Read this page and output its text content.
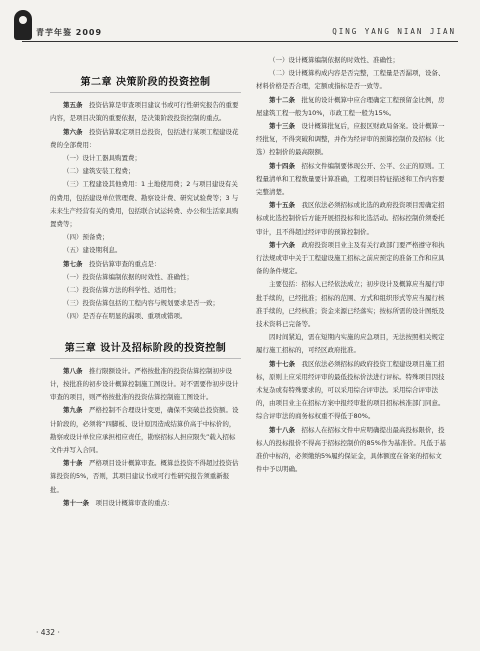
青芋年鉴 2009	QING YANG NIAN JIAN
第二章 决策阶段的投资控制

第五条　 投资估算是审查项目建议书或可行性研究报告的重要内容，是项目决策的重要依据，是决策阶段投资控制的重点。

第六条　 投资估算取定项目总投资，包括进行某项工程建设花费的全部费用：

（一）设计工器具购置费；

（二）建筑安装工程费；

（三）工程建设其他费用：1 土地使用费；2 与项目建设有关的费用，包括建设单位管理费、勘察设计费、研究试验费等；3 与未来生产经营有关的费用，包括联合试运转费、办公和生活家具购置费等；

（四）预备费；

（五）建设期利息。

第七条　 投资估算审查的重点是：

（一）投资估算编制依据的时效性、准确性；

（二）投资估算方法的科学性、适用性；

（三）投资估算包括的工程内容与规划要求是否一致；

（四）是否存在明显的漏项、重项或错项。

第三章 设计及招标阶段的投资控制

第八条　 推行限额设计。严格按批准的投资估算控制初步设计，按批准的初步设计概算控制施工图设计。对不需要作初步设计审查的项目，则严格按批准的投资估算控制施工图设计。

第九条　 严格控制不合理设计变更，确保不突破总投资额。设计阶段的，必须将“四脚板、设计原因造成结算价高于中标价的，勘察或设计单位应承担相应责任，勘察招标人担应限失”载入招标文件并写入合同。

第十条　 严格项目设计概算审查。概算总投资不得超过投资估算投资的5%，否则，其项目建议书或可行性研究报告须重新报批。

第十一条　 项目设计概算审查的重点：

（一）设计概算编制依据的时效性、准确性；

（二）设计概算构成内容是否完整，工程量是否漏项，设备、材料价格是否合理，定额或指标是否一致等。

第十二条　 批复的设计概算中应合理确定工程预留金比例，房屋建筑工程一般为10%，市政工程一般为15%。

第十三条　 设计概算批复后，应报区财政局备案。设计概算一经批复，不得突破和调整，并作为经评审的预算控制价及招标（比选）控制价的最高限额。

第十四条　 招标文件编制要体现公开、公平、公正的原则。工程量清单和工程数量要计算准确，工程项目特征描述和工作内容要完整清楚。

第十五条　 我区依法必须招标或比选的政府投资项目需确定招标或比选控制价后方能开展招投标和比选活动。招标控制价须委托审计，且不得超过经评审的预算控制价。

第十六条　 政府投资项目业主及有关行政部门要严格遵守和执行法规或审中关于工程建设施工招标之前应预定的准备工作和应具备的条件规定。

主要包括：招标人已经依法成立；初步设计及概算应当履行审批手续的，已经批准；招标的范围、方式和组织形式等应当履行核准手续的，已经核准；资金来源已经落实；按标所需的设计图纸及技术资料已完备等。

因时间紧迫，需在短期内实施的应急项目，无法按照相关规定履行施工招标的，可经区政府批准。

第十七条　 我区依法必须招标的政府投资工程建设项目施工招标，原则上应采用经评审的最低投标价法进行评标。特殊项目因技术复杂或有特殊要求的，可以采用综合评审法。采用综合评审法的，由项目业主在招标方案中报经审批的项目招标核准部门同意。综合评审法的商务标权重不得低于80%。

第十八条　 招标人在招标文件中应明确提出最高投标限价，投标人的投标报价不得高于招标控制价的85%作为基准价。凡低于基准价中标的，必须缴纳5%履约保证金，具体额度在备案的招标文件中予以明确。

· 432 ·
